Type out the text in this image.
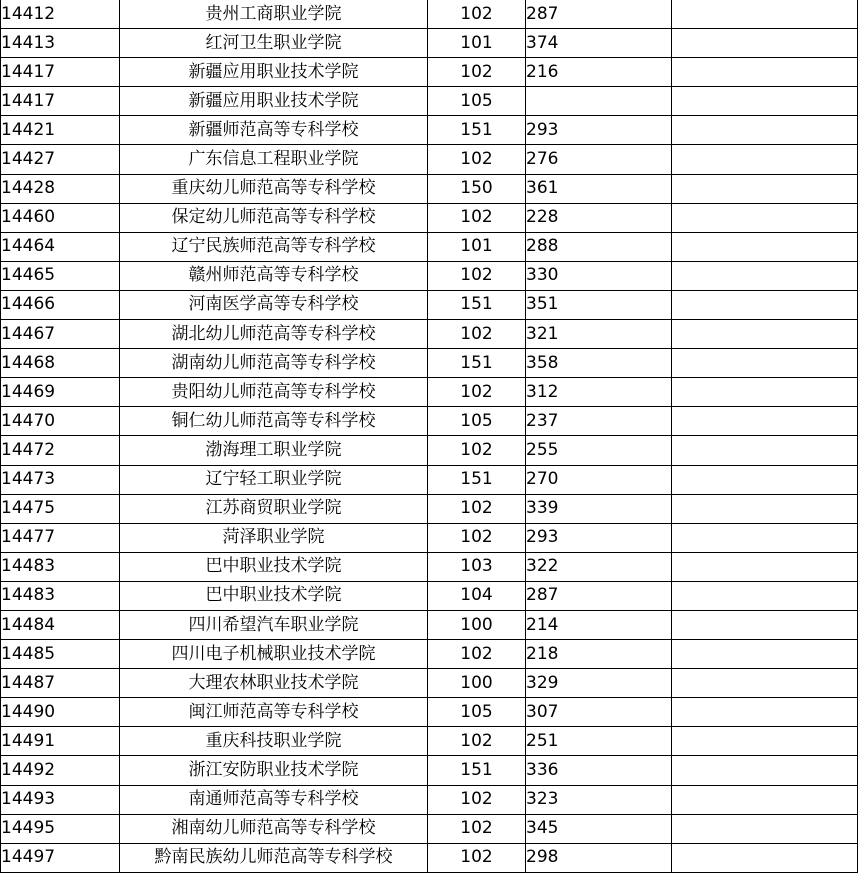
14412	贵州工商职业学院	102	287	
14413	红河卫生职业学院	101	374	
14417	新疆应用职业技术学院	102	216	
14417	新疆应用职业技术学院	105		
14421	新疆师范高等专科学校	151	293	
14427	广东信息工程职业学院	102	276	
14428	重庆幼儿师范高等专科学校	150	361	
14460	保定幼儿师范高等专科学校	102	228	
14464	辽宁民族师范高等专科学校	101	288	
14465	赣州师范高等专科学校	102	330	
14466	河南医学高等专科学校	151	351	
14467	湖北幼儿师范高等专科学校	102	321	
14468	湖南幼儿师范高等专科学校	151	358	
14469	贵阳幼儿师范高等专科学校	102	312	
14470	铜仁幼儿师范高等专科学校	105	237	
14472	渤海理工职业学院	102	255	
14473	辽宁轻工职业学院	151	270	
14475	江苏商贸职业学院	102	339	
14477	菏泽职业学院	102	293	
14483	巴中职业技术学院	103	322	
14483	巴中职业技术学院	104	287	
14484	四川希望汽车职业学院	100	214	
14485	四川电子机械职业技术学院	102	218	
14487	大理农林职业技术学院	100	329	
14490	闽江师范高等专科学校	105	307	
14491	重庆科技职业学院	102	251	
14492	浙江安防职业技术学院	151	336	
14493	南通师范高等专科学校	102	323	
14495	湘南幼儿师范高等专科学校	102	345	
14497	黔南民族幼儿师范高等专科学校	102	298	
